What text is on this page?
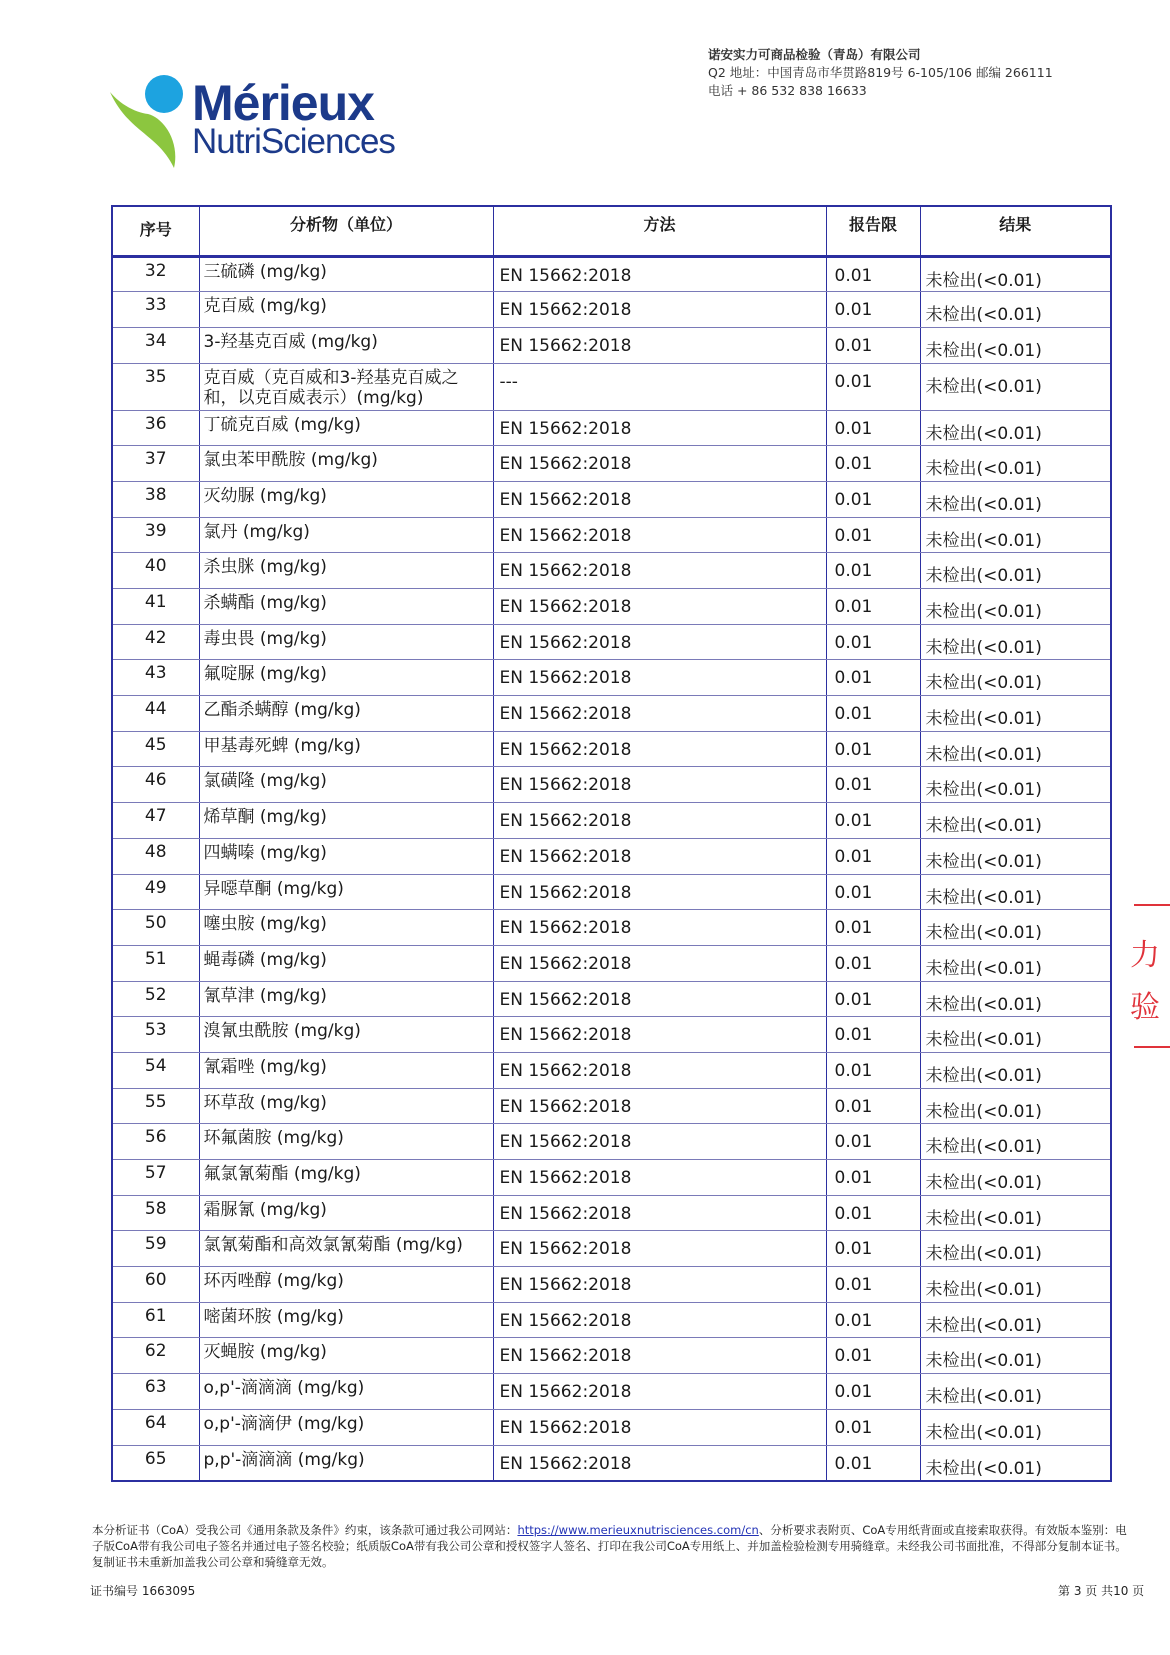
Mérieux
NutriSciences
诺安实力可商品检验（青岛）有限公司
Q2 地址：中国青岛市华贯路819号 6-105/106 邮编 266111
电话 + 86 532 838 16633
序号	分析物（单位）	方法	报告限	结果
32	三硫磷 (mg/kg)	EN 15662:2018	0.01	未检出(<0.01)
33	克百威 (mg/kg)	EN 15662:2018	0.01	未检出(<0.01)
34	3-羟基克百威 (mg/kg)	EN 15662:2018	0.01	未检出(<0.01)
35	克百威（克百威和3-羟基克百威之和，以克百威表示）(mg/kg)	---	0.01	未检出(<0.01)
36	丁硫克百威 (mg/kg)	EN 15662:2018	0.01	未检出(<0.01)
37	氯虫苯甲酰胺 (mg/kg)	EN 15662:2018	0.01	未检出(<0.01)
38	灭幼脲 (mg/kg)	EN 15662:2018	0.01	未检出(<0.01)
39	氯丹 (mg/kg)	EN 15662:2018	0.01	未检出(<0.01)
40	杀虫脒 (mg/kg)	EN 15662:2018	0.01	未检出(<0.01)
41	杀螨酯 (mg/kg)	EN 15662:2018	0.01	未检出(<0.01)
42	毒虫畏 (mg/kg)	EN 15662:2018	0.01	未检出(<0.01)
43	氟啶脲 (mg/kg)	EN 15662:2018	0.01	未检出(<0.01)
44	乙酯杀螨醇 (mg/kg)	EN 15662:2018	0.01	未检出(<0.01)
45	甲基毒死蜱 (mg/kg)	EN 15662:2018	0.01	未检出(<0.01)
46	氯磺隆 (mg/kg)	EN 15662:2018	0.01	未检出(<0.01)
47	烯草酮 (mg/kg)	EN 15662:2018	0.01	未检出(<0.01)
48	四螨嗪 (mg/kg)	EN 15662:2018	0.01	未检出(<0.01)
49	异噁草酮 (mg/kg)	EN 15662:2018	0.01	未检出(<0.01)
50	噻虫胺 (mg/kg)	EN 15662:2018	0.01	未检出(<0.01)
51	蝇毒磷 (mg/kg)	EN 15662:2018	0.01	未检出(<0.01)
52	氰草津 (mg/kg)	EN 15662:2018	0.01	未检出(<0.01)
53	溴氰虫酰胺 (mg/kg)	EN 15662:2018	0.01	未检出(<0.01)
54	氰霜唑 (mg/kg)	EN 15662:2018	0.01	未检出(<0.01)
55	环草敌 (mg/kg)	EN 15662:2018	0.01	未检出(<0.01)
56	环氟菌胺 (mg/kg)	EN 15662:2018	0.01	未检出(<0.01)
57	氟氯氰菊酯 (mg/kg)	EN 15662:2018	0.01	未检出(<0.01)
58	霜脲氰 (mg/kg)	EN 15662:2018	0.01	未检出(<0.01)
59	氯氰菊酯和高效氯氰菊酯 (mg/kg)	EN 15662:2018	0.01	未检出(<0.01)
60	环丙唑醇 (mg/kg)	EN 15662:2018	0.01	未检出(<0.01)
61	嘧菌环胺 (mg/kg)	EN 15662:2018	0.01	未检出(<0.01)
62	灭蝇胺 (mg/kg)	EN 15662:2018	0.01	未检出(<0.01)
63	o,p'-滴滴滴 (mg/kg)	EN 15662:2018	0.01	未检出(<0.01)
64	o,p'-滴滴伊 (mg/kg)	EN 15662:2018	0.01	未检出(<0.01)
65	p,p'-滴滴滴 (mg/kg)	EN 15662:2018	0.01	未检出(<0.01)
力
验
本分析证书（CoA）受我公司《通用条款及条件》约束，该条款可通过我公司网站：https://www.merieuxnutrisciences.com/cn、分析要求表附页、CoA专用纸背面或直接索取获得。有效版本鉴别：电子版CoA带有我公司电子签名并通过电子签名校验；纸质版CoA带有我公司公章和授权签字人签名、打印在我公司CoA专用纸上、并加盖检验检测专用骑缝章。未经我公司书面批准，不得部分复制本证书。复制证书未重新加盖我公司公章和骑缝章无效。
证书编号 1663095	第 3 页 共10 页
